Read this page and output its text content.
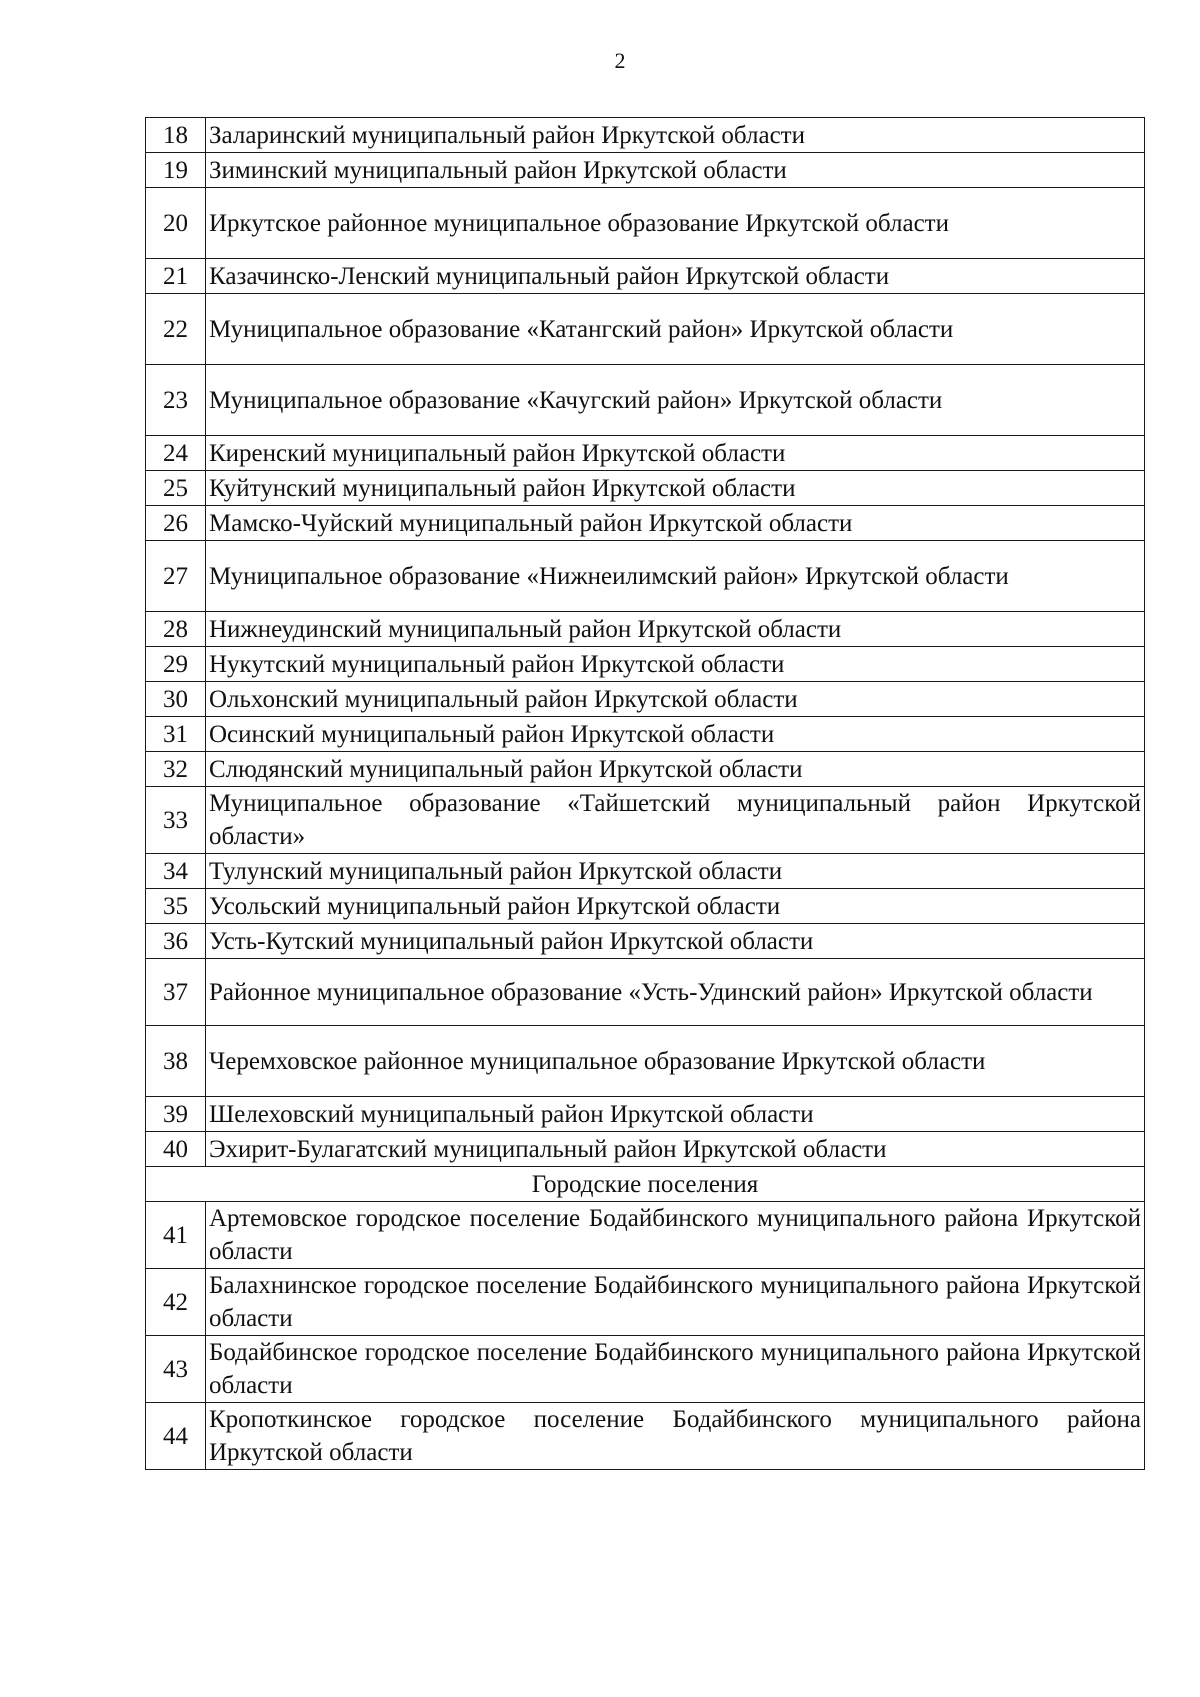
2
18	Заларинский муниципальный район Иркутской области
19	Зиминский муниципальный район Иркутской области
20	Иркутское районное муниципальное образование Иркутской области
21	Казачинско-Ленский муниципальный район Иркутской области
22	Муниципальное образование «Катангский район» Иркутской области
23	Муниципальное образование «Качугский район» Иркутской области
24	Киренский муниципальный район Иркутской области
25	Куйтунский муниципальный район Иркутской области
26	Мамско-Чуйский муниципальный район Иркутской области
27	Муниципальное образование «Нижнеилимский район» Иркутской области
28	Нижнеудинский муниципальный район Иркутской области
29	Нукутский муниципальный район Иркутской области
30	Ольхонский муниципальный район Иркутской области
31	Осинский муниципальный район Иркутской области
32	Слюдянский муниципальный район Иркутской области
33	Муниципальное образование «Тайшетский муниципальный район Иркутской области»
34	Тулунский муниципальный район Иркутской области
35	Усольский муниципальный район Иркутской области
36	Усть-Кутский муниципальный район Иркутской области
37	Районное муниципальное образование «Усть-Удинский район» Иркутской области
38	Черемховское районное муниципальное образование Иркутской области
39	Шелеховский муниципальный район Иркутской области
40	Эхирит-Булагатский муниципальный район Иркутской области
Городские поселения	
41	Артемовское городское поселение Бодайбинского муниципального района Иркутской области
42	Балахнинское городское поселение Бодайбинского муниципального района Иркутской области
43	Бодайбинское городское поселение Бодайбинского муниципального района Иркутской области
44	Кропоткинское городское поселение Бодайбинского муниципального района Иркутской области
